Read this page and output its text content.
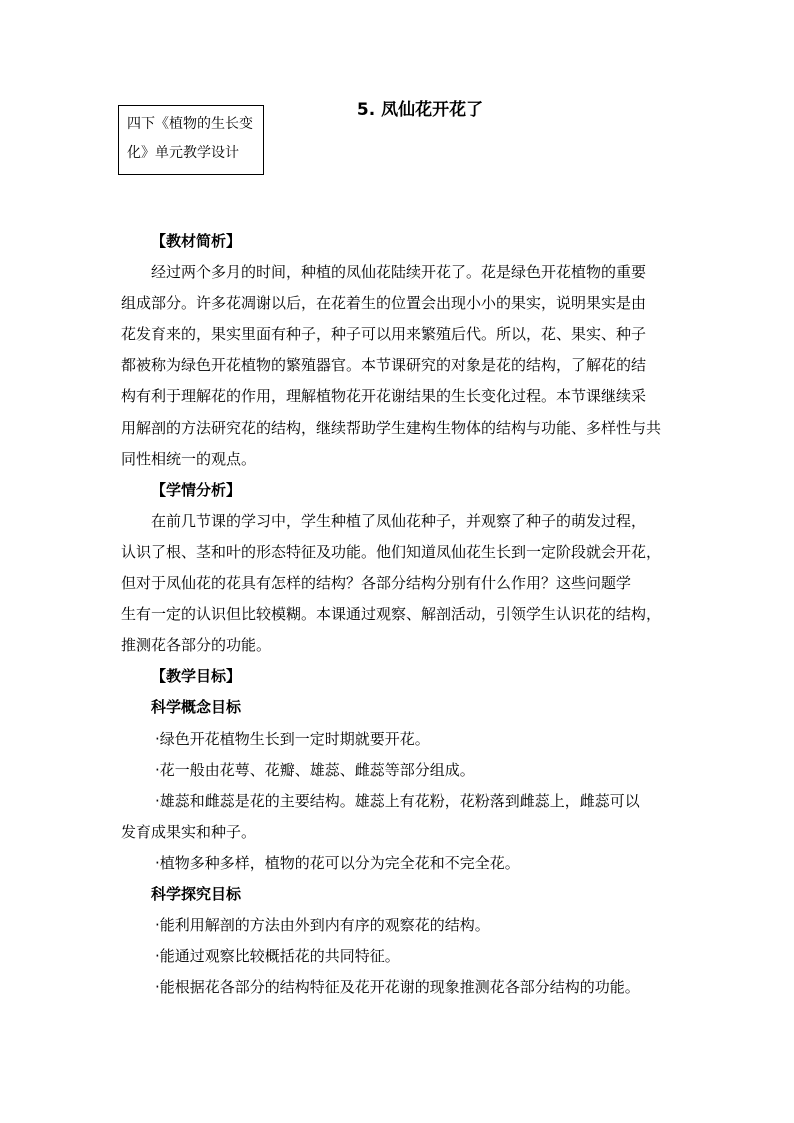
四下《植物的生长变
化》单元教学设计
5. 凤仙花开花了

【教材简析】

经过两个多月的时间，种植的凤仙花陆续开花了。花是绿色开花植物的重要
组成部分。许多花凋谢以后，在花着生的位置会出现小小的果实，说明果实是由
花发育来的，果实里面有种子，种子可以用来繁殖后代。所以，花、果实、种子
都被称为绿色开花植物的繁殖器官。本节课研究的对象是花的结构，了解花的结
构有利于理解花的作用，理解植物花开花谢结果的生长变化过程。本节课继续采
用解剖的方法研究花的结构，继续帮助学生建构生物体的结构与功能、多样性与共
同性相统一的观点。

【学情分析】

在前几节课的学习中，学生种植了凤仙花种子，并观察了种子的萌发过程，
认识了根、茎和叶的形态特征及功能。他们知道凤仙花生长到一定阶段就会开花，
但对于凤仙花的花具有怎样的结构？各部分结构分别有什么作用？这些问题学
生有一定的认识但比较模糊。本课通过观察、解剖活动，引领学生认识花的结构，
推测花各部分的功能。

【教学目标】

科学概念目标

·绿色开花植物生长到一定时期就要开花。

·花一般由花萼、花瓣、雄蕊、雌蕊等部分组成。

·雄蕊和雌蕊是花的主要结构。雄蕊上有花粉，花粉落到雌蕊上，雌蕊可以

发育成果实和种子。

·植物多种多样，植物的花可以分为完全花和不完全花。

科学探究目标

·能利用解剖的方法由外到内有序的观察花的结构。

·能通过观察比较概括花的共同特征。

·能根据花各部分的结构特征及花开花谢的现象推测花各部分结构的功能。
